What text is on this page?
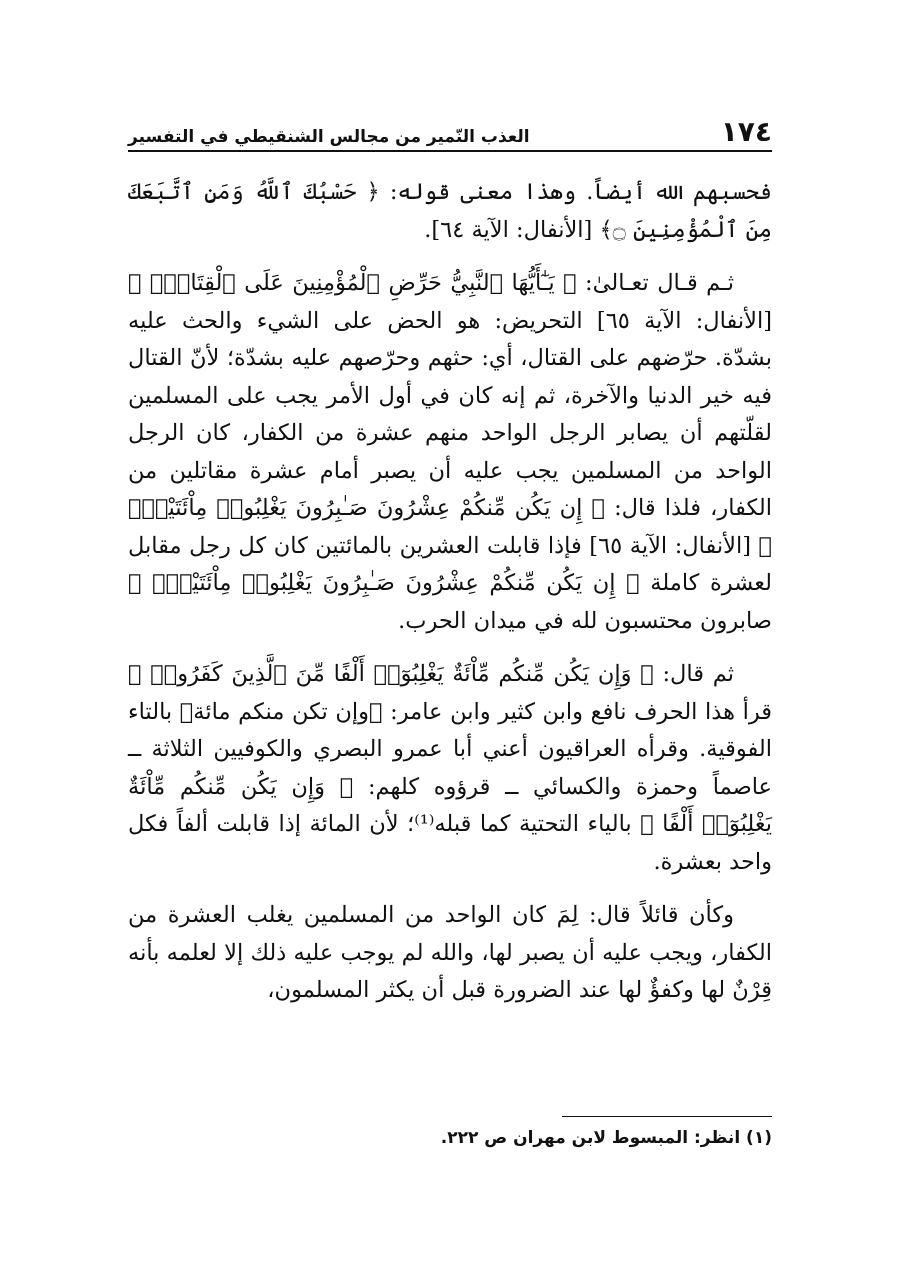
١٧٤
العذب النّمير من مجالس الشنقيطي في التفسير

فحسبهم الله أيضاً. وهذا معنى قوله: ﴿ حَسْبُكَ ٱللَّهُ وَمَنِ ٱتَّبَعَكَ مِنَ ٱلْمُؤْمِنِينَ ۝﴾ [الأنفال: الآية ٦٤].

ثـم قـال تعـالىٰ: ﴿ يَـٰٓأَيُّهَا ٱلنَّبِيُّ حَرِّضِ ٱلْمُؤْمِنِينَ عَلَى ٱلْقِتَالِۚ ﴾ [الأنفال: الآية ٦٥] التحريض: هو الحض على الشيء والحث عليه بشدّة. حرّضهم على القتال، أي: حثهم وحرّصهم عليه بشدّة؛ لأنّ القتال فيه خير الدنيا والآخرة، ثم إنه كان في أول الأمر يجب على المسلمين لقلّتهم أن يصابر الرجل الواحد منهم عشرة من الكفار، كان الرجل الواحد من المسلمين يجب عليه أن يصبر أمام عشرة مقاتلين من الكفار، فلذا قال: ﴿ إِن يَكُن مِّنكُمْ عِشْرُونَ صَـٰبِرُونَ يَغْلِبُوا۟ مِاْئَتَيْنِۚ ﴾ [الأنفال: الآية ٦٥] فإذا قابلت العشرين بالمائتين كان كل رجل مقابل لعشرة كاملة ﴿ إِن يَكُن مِّنكُمْ عِشْرُونَ صَـٰبِرُونَ يَغْلِبُوا۟ مِاْئَتَيْنِۚ ﴾ صابرون محتسبون لله في ميدان الحرب.

ثم قال: ﴿ وَإِن يَكُن مِّنكُم مِّاْئَةٌ يَغْلِبُوٓا۟ أَلْفًا مِّنَ ٱلَّذِينَ كَفَرُوا۟ ﴾ قرأ هذا الحرف نافع وابن كثير وابن عامر: ﴿وإن تكن منكم مائة﴾ بالتاء الفوقية. وقرأه العراقيون أعني أبا عمرو البصري والكوفيين الثلاثة ــ عاصماً وحمزة والكسائي ــ قرؤوه كلهم: ﴿ وَإِن يَكُن مِّنكُم مِّاْئَةٌ يَغْلِبُوٓا۟ أَلْفًا ﴾ بالياء التحتية كما قبله⁽¹⁾؛ لأن المائة إذا قابلت ألفاً فكل واحد بعشرة.

وكأن قائلاً قال: لِمَ كان الواحد من المسلمين يغلب العشرة من الكفار، ويجب عليه أن يصبر لها، والله لم يوجب عليه ذلك إلا لعلمه بأنه قِرْنٌ لها وكفؤٌ لها عند الضرورة قبل أن يكثر المسلمون،

(١) انظر: المبسوط لابن مهران ص ٢٢٢.
